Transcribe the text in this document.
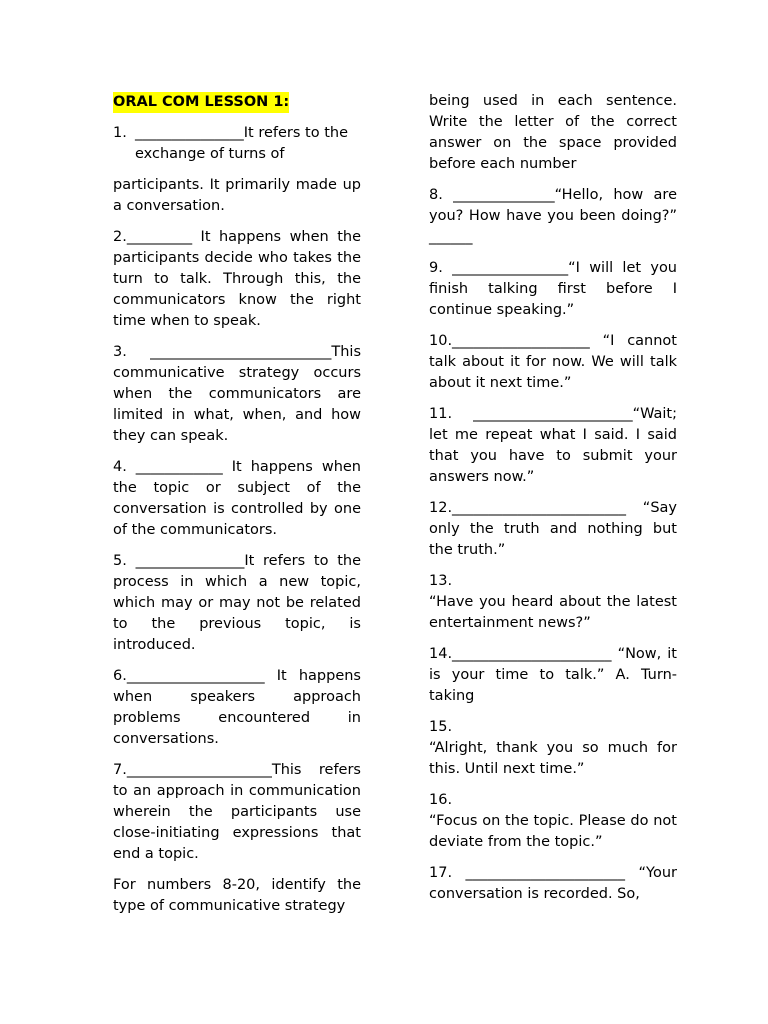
ORAL COM LESSON 1:
1. _______________It refers to the exchange of turns of

participants. It primarily made up a conversation.

2._________ It happens when the participants decide who takes the turn to talk. Through this, the communicators know the right time when to speak.

3. _________________________This communicative strategy occurs when the communicators are limited in what, when, and how they can speak.

4. ____________ It happens when the topic or subject of the conversation is controlled by one of the communicators.

5. _______________It refers to the process in which a new topic, which may or may not be related to the previous topic, is introduced.

6.___________________ It happens when speakers approach problems encountered in conversations.

7.____________________This refers to an approach in communication wherein the participants use close-initiating expressions that end a topic.

For numbers 8-20, identify the type of communicative strategy

being used in each sentence. Write the letter of the correct answer on the space provided before each number

8. ______________“Hello, how are you? How have you been doing?” ______

9. ________________“I will let you finish talking first before I continue speaking.”

10.___________________ “I cannot talk about it for now. We will talk about it next time.”

11. ______________________“Wait; let me repeat what I said. I said that you have to submit your answers now.”

12.________________________ “Say only the truth and nothing but the truth.”

13.
“Have you heard about the latest entertainment news?”

14.______________________ “Now, it is your time to talk.” A. Turn-taking

15.
“Alright, thank you so much for this. Until next time.”
16.
“Focus on the topic. Please do not deviate from the topic.”

17. ______________________ “Your conversation is recorded. So,
